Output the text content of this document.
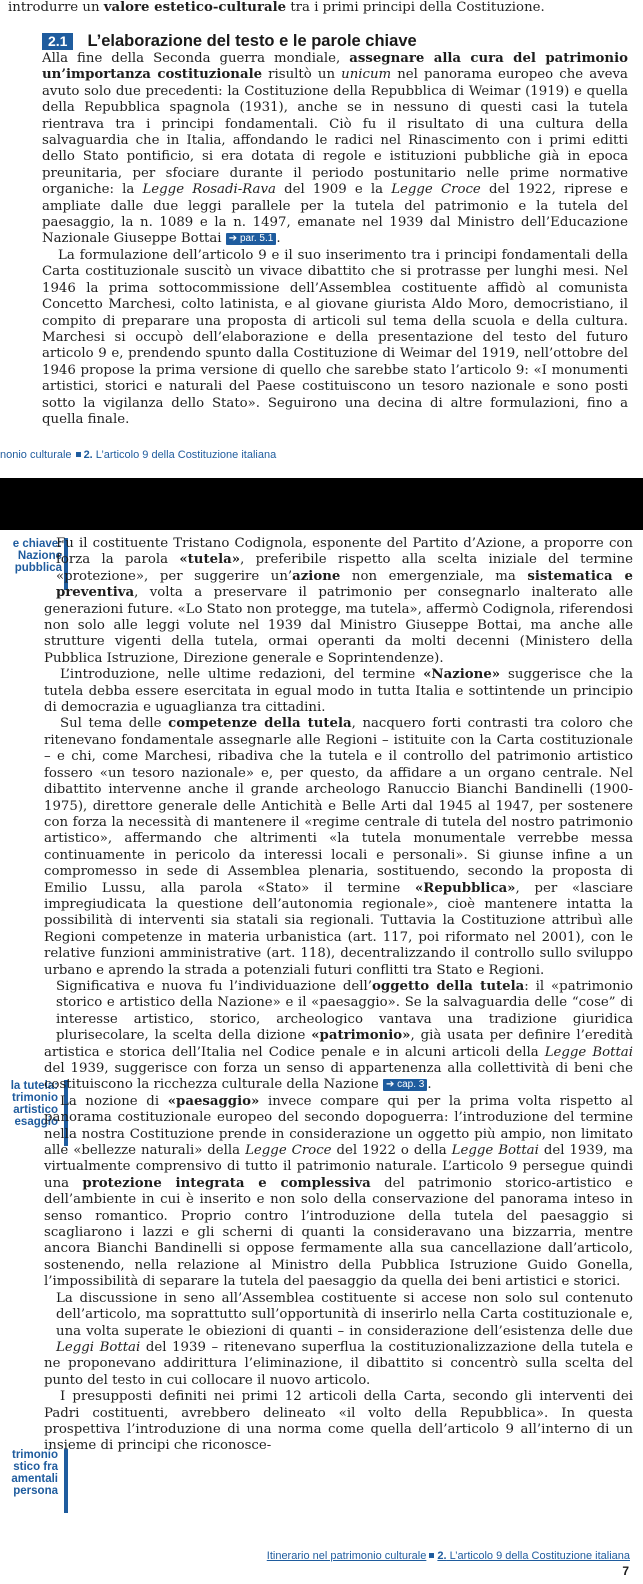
introdurre un valore estetico-culturale tra i primi principi della Costituzione.

2.1	L’elaborazione del testo e le parole chiave

Alla fine della Seconda guerra mondiale, assegnare alla cura del patrimonio un’importanza costituzionale risultò un unicum nel panorama europeo che aveva avuto solo due precedenti: la Costituzione della Repubblica di Weimar (1919) e quella della Repubblica spagnola (1931), anche se in nessuno di questi casi la tutela rientrava tra i principi fondamentali. Ciò fu il risultato di una cultura della salvaguardia che in Italia, affondando le radici nel Rinascimento con i primi editti dello Stato pontificio, si era dotata di regole e istituzioni pubbliche già in epoca preunitaria, per sfociare durante il periodo postunitario nelle prime normative organiche: la Legge Rosadi-Rava del 1909 e la Legge Croce del 1922, riprese e ampliate dalle due leggi parallele per la tutela del patrimonio e la tutela del paesaggio, la n. 1089 e la n. 1497, emanate nel 1939 dal Ministro dell’Educazione Nazionale Giuseppe Bottai ➔ par. 5.1 .

La formulazione dell’articolo 9 e il suo inserimento tra i principi fondamentali della Carta costituzionale suscitò un vivace dibattito che si protrasse per lunghi mesi. Nel 1946 la prima sottocommissione dell’Assemblea costituente affidò al comunista Concetto Marchesi, colto latinista, e al giovane giurista Aldo Moro, democristiano, il compito di preparare una proposta di articoli sul tema della scuola e della cultura. Marchesi si occupò dell’elaborazione e della presentazione del testo del futuro articolo 9 e, prendendo spunto dalla Costituzione di Weimar del 1919, nell’ottobre del 1946 propose la prima versione di quello che sarebbe stato l’articolo 9: «I monumenti artistici, storici e naturali del Paese costituiscono un tesoro nazionale e sono posti sotto la vigilanza dello Stato». Seguirono una decina di altre formulazioni, fino a quella finale.

nonio culturale 2. L’articolo 9 della Costituzione italiana
e chiave:
Nazione
pubblica
la tutela:
trimonio
artistico
esaggio
trimonio
stico fra
amentali
persona

Fu il costituente Tristano Codignola, esponente del Partito d’Azione, a proporre con forza la parola «tutela», preferibile rispetto alla scelta iniziale del termine «protezione», per suggerire un’azione non emergenziale, ma sistematica e preventiva, volta a preservare il patrimonio per consegnarlo inalterato alle generazioni future. «Lo Stato non protegge, ma tutela», affermò Codignola, riferendosi non solo alle leggi volute nel 1939 dal Ministro Giuseppe Bottai, ma anche alle strutture vigenti della tutela, ormai operanti da molti decenni (Ministero della Pubblica Istruzione, Direzione generale e Soprintendenze).

L’introduzione, nelle ultime redazioni, del termine «Nazione» suggerisce che la tutela debba essere esercitata in egual modo in tutta Italia e sottintende un principio di democrazia e uguaglianza tra cittadini.

Sul tema delle competenze della tutela, nacquero forti contrasti tra coloro che ritenevano fondamentale assegnarle alle Regioni – istituite con la Carta costituzionale – e chi, come Marchesi, ribadiva che la tutela e il controllo del patrimonio artistico fossero «un tesoro nazionale» e, per questo, da affidare a un organo centrale. Nel dibattito intervenne anche il grande archeologo Ranuccio Bianchi Bandinelli (1900-1975), direttore generale delle Antichità e Belle Arti dal 1945 al 1947, per sostenere con forza la necessità di mantenere il «regime centrale di tutela del nostro patrimonio artistico», affermando che altrimenti «la tutela monumentale verrebbe messa continuamente in pericolo da interessi locali e personali». Si giunse infine a un compromesso in sede di Assemblea plenaria, sostituendo, secondo la proposta di Emilio Lussu, alla parola «Stato» il termine «Repubblica», per «lasciare impregiudicata la questione dell’autonomia regionale», cioè mantenere intatta la possibilità di interventi sia statali sia regionali. Tuttavia la Costituzione attribuì alle Regioni competenze in materia urbanistica (art. 117, poi riformato nel 2001), con le relative funzioni amministrative (art. 118), decentralizzando il controllo sullo sviluppo urbano e aprendo la strada a potenziali futuri conflitti tra Stato e Regioni.

Significativa e nuova fu l’individuazione dell’oggetto della tutela: il «patrimonio storico e artistico della Nazione» e il «paesaggio». Se la salvaguardia delle “cose” di interesse artistico, storico, archeologico vantava una tradizione giuridica plurisecolare, la scelta della dizione «patrimonio», già usata per definire l’eredità artistica e storica dell’Italia nel Codice penale e in alcuni articoli della Legge Bottai del 1939, suggerisce con forza un senso di appartenenza alla collettività di beni che costituiscono la ricchezza culturale della Nazione ➔ cap. 3 .

La nozione di «paesaggio» invece compare qui per la prima volta rispetto al panorama costituzionale europeo del secondo dopoguerra: l’introduzione del termine nella nostra Costituzione prende in considerazione un oggetto più ampio, non limitato alle «bellezze naturali» della Legge Croce del 1922 o della Legge Bottai del 1939, ma virtualmente comprensivo di tutto il patrimonio naturale. L’articolo 9 persegue quindi una protezione integrata e complessiva del patrimonio storico-artistico e dell’ambiente in cui è inserito e non solo della conservazione del panorama inteso in senso romantico. Proprio contro l’introduzione della tutela del paesaggio si scagliarono i lazzi e gli scherni di quanti la consideravano una bizzarria, mentre ancora Bianchi Bandinelli si oppose fermamente alla sua cancellazione dall’articolo, sostenendo, nella relazione al Ministro della Pubblica Istruzione Guido Gonella, l’impossibilità di separare la tutela del paesaggio da quella dei beni artistici e storici.

La discussione in seno all’Assemblea costituente si accese non solo sul contenuto dell’articolo, ma soprattutto sull’opportunità di inserirlo nella Carta costituzionale e, una volta superate le obiezioni di quanti – in considerazione dell’esistenza delle due Leggi Bottai del 1939 – ritenevano superflua la costituzionalizzazione della tutela e ne proponevano addirittura l’eliminazione, il dibattito si concentrò sulla scelta del punto del testo in cui collocare il nuovo articolo.

I presupposti definiti nei primi 12 articoli della Carta, secondo gli interventi dei Padri costituenti, avrebbero delineato «il volto della Repubblica». In questa prospettiva l’introduzione di una norma come quella dell’articolo 9 all’interno di un insieme di principi che riconosce-

Itinerario nel patrimonio culturale 2. L’articolo 9 della Costituzione italiana
7
